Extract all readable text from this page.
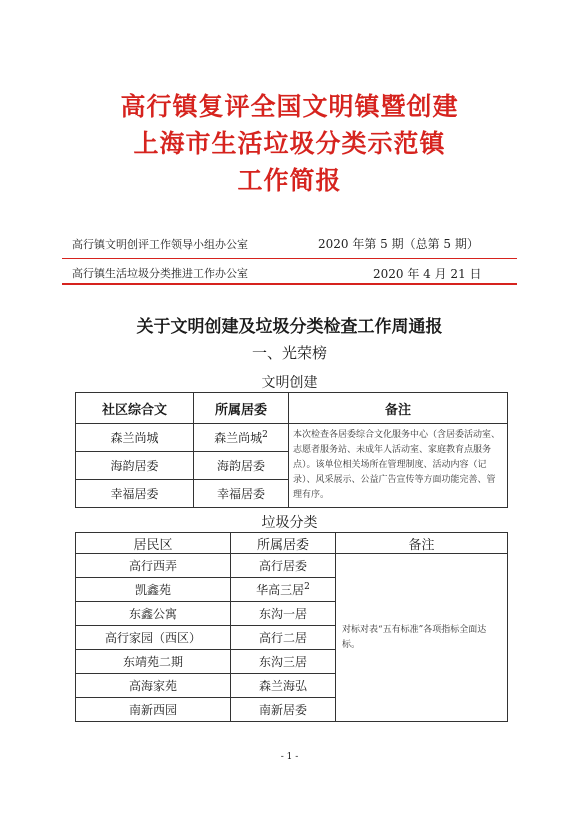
高行镇复评全国文明镇暨创建
上海市生活垃圾分类示范镇
工作简报
高行镇文明创评工作领导小组办公室	2020 年第 5 期（总第 5 期）
高行镇生活垃圾分类推进工作办公室	2020 年 4 月 21 日
关于文明创建及垃圾分类检查工作周通报
一、光荣榜
文明创建
社区综合文	所属居委	备注
森兰尚城	森兰尚城$^2$	本次检查各居委综合文化服务中心（含居委活动室、志愿者服务站、未成年人活动室、家庭教育点服务点）。该单位相关场所在管理制度、活动内容（记录）、风采展示、公益广告宣传等方面功能完善、管理有序。
海韵居委	海韵居委	
幸福居委	幸福居委	
垃圾分类
居民区	所属居委	备注
高行西弄	高行居委	对标对表“五有标准”各项指标全面达标。
凯鑫苑	华高三居$^2$
东鑫公寓	东沟一居	
高行家园（西区）	高行二居	
东靖苑二期	东沟三居	
高海家苑	森兰海弘	
南新西园	南新居委	
- 1 -
